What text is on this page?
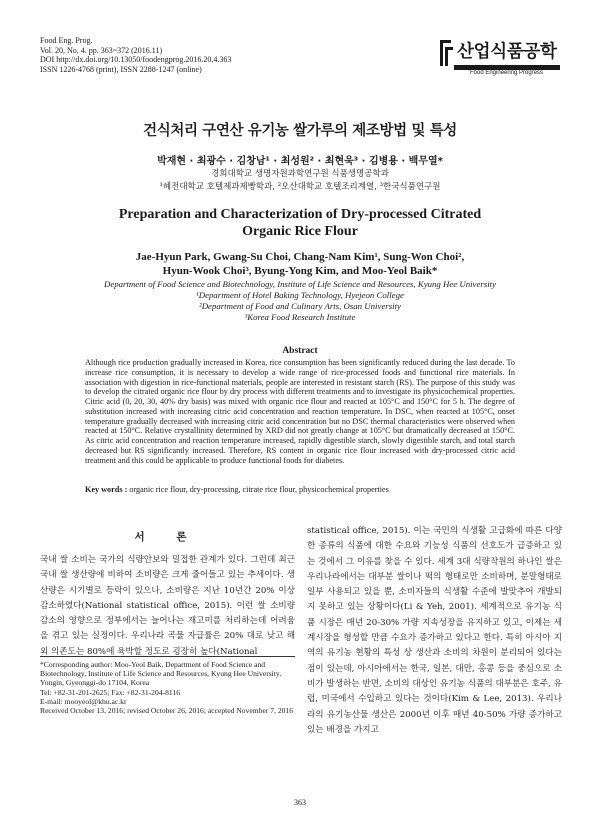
Food Eng. Prog.
Vol. 20, No. 4. pp. 363~372 (2016.11)
DOI http://dx.doi.org/10.13050/foodengprog.2016.20.4.363
ISSN 1226-4768 (print), ISSN 2288-1247 (online)
산업식품공학
Food Engineering Progress
건식처리 구연산 유기농 쌀가루의 제조방법 및 특성
박재현 · 최광수 · 김창남¹ · 최성원² · 최현욱³ · 김병용 · 백무열*
경희대학교 생명자원과학연구원 식품생명공학과
¹혜전대학교 호텔제과제빵학과, ²오산대학교 호텔조리계열, ³한국식품연구원
Preparation and Characterization of Dry-processed Citrated
Organic Rice Flour
Jae-Hyun Park, Gwang-Su Choi, Chang-Nam Kim¹, Sung-Won Choi²,
Hyun-Wook Choi³, Byung-Yong Kim, and Moo-Yeol Baik*
Department of Food Science and Biotechnology, Institute of Life Science and Resources, Kyung Hee University
¹Department of Hotel Baking Technology, Hyejeon College
²Department of Food and Culinary Arts, Osan University
³Korea Food Research Institute
Abstract
Although rice production gradually increased in Korea, rice consumption has been significantly reduced during the last decade. To increase rice consumption, it is necessary to develop a wide range of rice-processed foods and functional rice materials. In association with digestion in rice-functional materials, people are interested in resistant starch (RS). The purpose of this study was to develop the citrated organic rice flour by dry process with different treatments and to investigate its physicochemical properties. Citric acid (0, 20, 30, 40% dry basis) was mixed with organic rice flour and reacted at 105°C and 150°C for 5 h. The degree of substitution increased with increasing citric acid concentration and reaction temperature. In DSC, when reacted at 105°C, onset temperature gradually decreased with increasing citric acid concentration but no DSC thermal characteristics were observed when reacted at 150°C. Relative crystallinity determined by XRD did not greatly change at 105°C but dramatically decreased at 150°C. As citric acid concentration and reaction temperature increased, rapidly digestible starch, slowly digestible starch, and total starch decreased but RS significantly increased. Therefore, RS content in organic rice flour increased with dry-processed citric acid treatment and this could be applicable to produce functional foods for diabetes.
Key words : organic rice flour, dry-processing, citrate rice flour, physicochemical properties
서 론
국내 쌀 소비는 국가의 식량안보와 밀접한 관계가 있다. 그런데 최근 국내 쌀 생산량에 비하여 소비량은 크게 줄어들고 있는 추세이다. 생산량은 시기별로 등락이 있으나, 소비량은 지난 10년간 20% 이상 감소하였다(National statistical office, 2015). 이런 쌀 소비량 감소의 영향으로 정부에서는 늘어나는 재고미를 처리하는데 어려움을 겪고 있는 실정이다. 우리나라 곡물 자급률은 20% 대로 낮고 해외 의존도는 80%에 육박할 정도로 굉장히 높다(National
statistical office, 2015). 이는 국민의 식생활 고급화에 따른 다양한 종류의 식품에 대한 수요와 기능성 식품의 선호도가 급증하고 있는 것에서 그 이유를 찾을 수 있다. 세계 3대 식량작원의 하나인 쌀은 우리나라에서는 대부분 쌀이나 떡의 형태로만 소비하며, 분말형태로 일부 사용되고 있을 뿐, 소비자들의 식생활 수준에 발맞추어 개발되지 못하고 있는 상황이다(Li & Yeh, 2001). 세계적으로 유기농 식품 시장은 매년 20-30% 가량 지속성장을 유지하고 있고, 이제는 세계시장을 형성할 만큼 수요가 증가하고 있다고 한다. 특히 아시아 지역의 유기농 현황의 특성 상 생산과 소비의 차원이 분리되어 있다는 점이 있는데, 아시아에서는 한국, 일본, 대만, 홍콩 등을 중심으로 소비가 발생하는 반면, 소비의 대상인 유기농 식품의 대부분은 호주, 유럽, 미국에서 수입하고 있다는 것이다(Kim & Lee, 2013). 우리나라의 유기농산물 생산은 2000년 이후 매년 40-50% 가량 증가하고 있는 배경을 가지고
*Corresponding author: Moo-Yeol Baik, Department of Food Science and Biotechnology, Institute of Life Science and Resources, Kyung Hee University, Yongin, Gyeonggi-do 17104, Korea
Tel: +82-31-201-2625; Fax: +82-31-204-8116
E-mail: mooyeol@khu.ac.kr
Received October 13, 2016; revised October 26, 2016; accepted November 7, 2016
363
